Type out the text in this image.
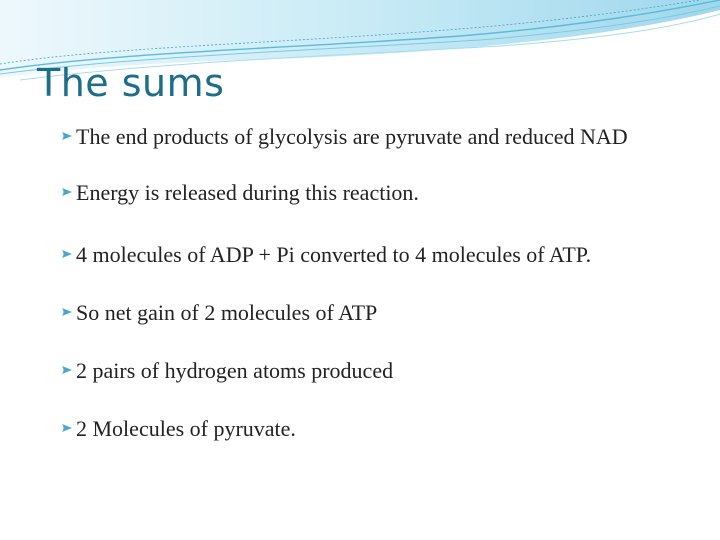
The sums
The end products of glycolysis are pyruvate and reduced NAD
Energy is released during this reaction.
4 molecules of ADP + Pi converted to 4 molecules of ATP.
So net gain of 2 molecules of ATP
2 pairs of hydrogen atoms produced
2 Molecules of pyruvate.
